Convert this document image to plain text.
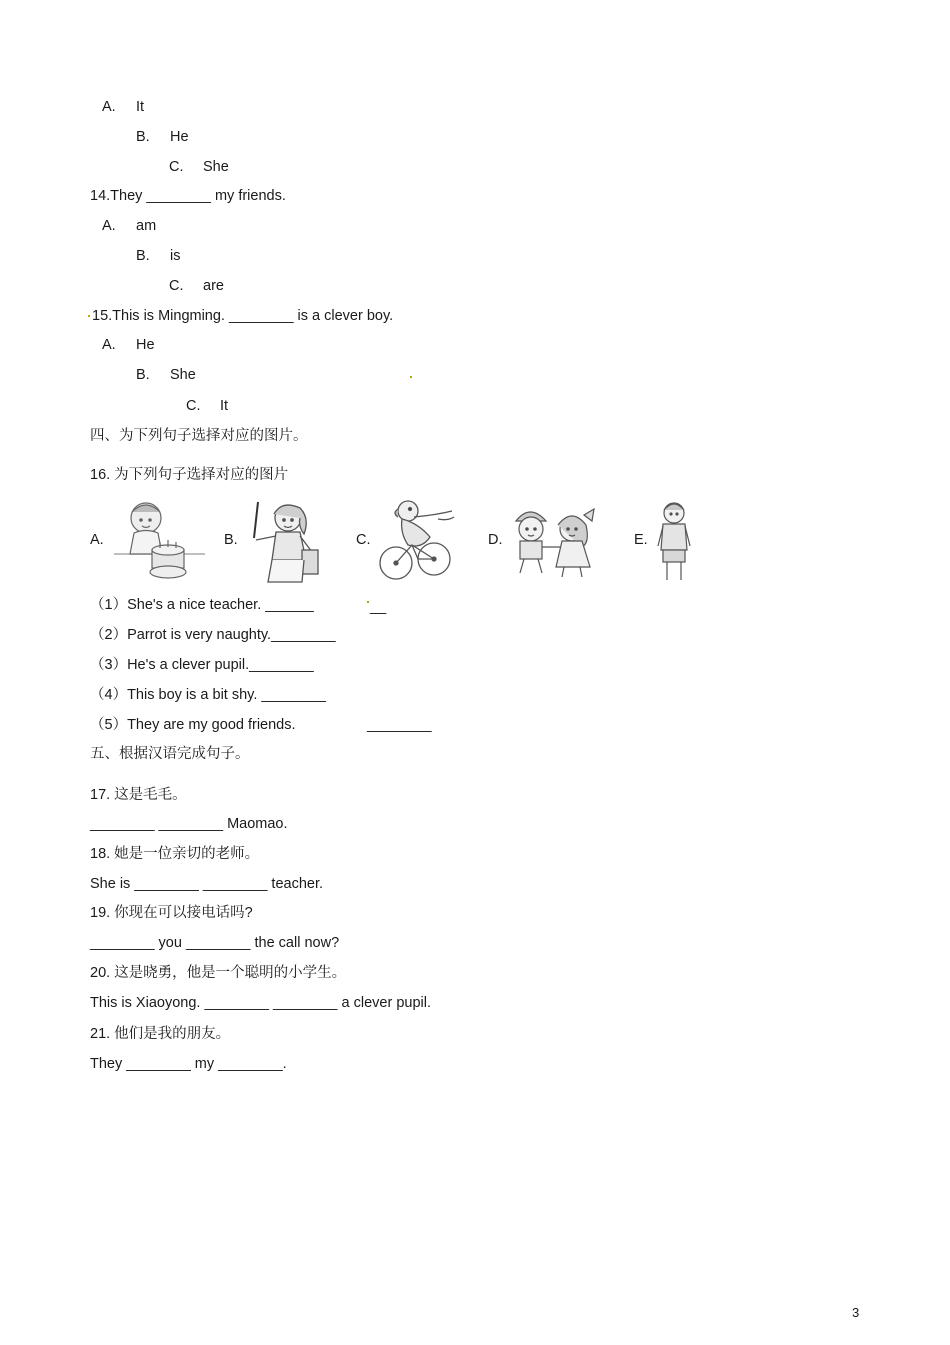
A. It
B. He
C. She
14.They ________ my friends.
A. am
B. is
C. are
15.This is Mingming. ________ is a clever boy.
A. He
B. She
C. It
四、为下列句子选择对应的图片。
16. 为下列句子选择对应的图片
A.	B.	C.	D.	E.
（1）She's a nice teacher. ______	__
（2）Parrot is very naughty.________
（3）He's a clever pupil.________
（4）This boy is a bit shy. ________
（5）They are my good friends.	________
五、根据汉语完成句子。
17. 这是毛毛。
________ ________ Maomao.
18. 她是一位亲切的老师。
She is ________ ________ teacher.
19. 你现在可以接电话吗?
________ you ________ the call now?
20. 这是晓勇，他是一个聪明的小学生。
This is Xiaoyong. ________ ________ a clever pupil.
21. 他们是我的朋友。
They ________ my ________.
3
